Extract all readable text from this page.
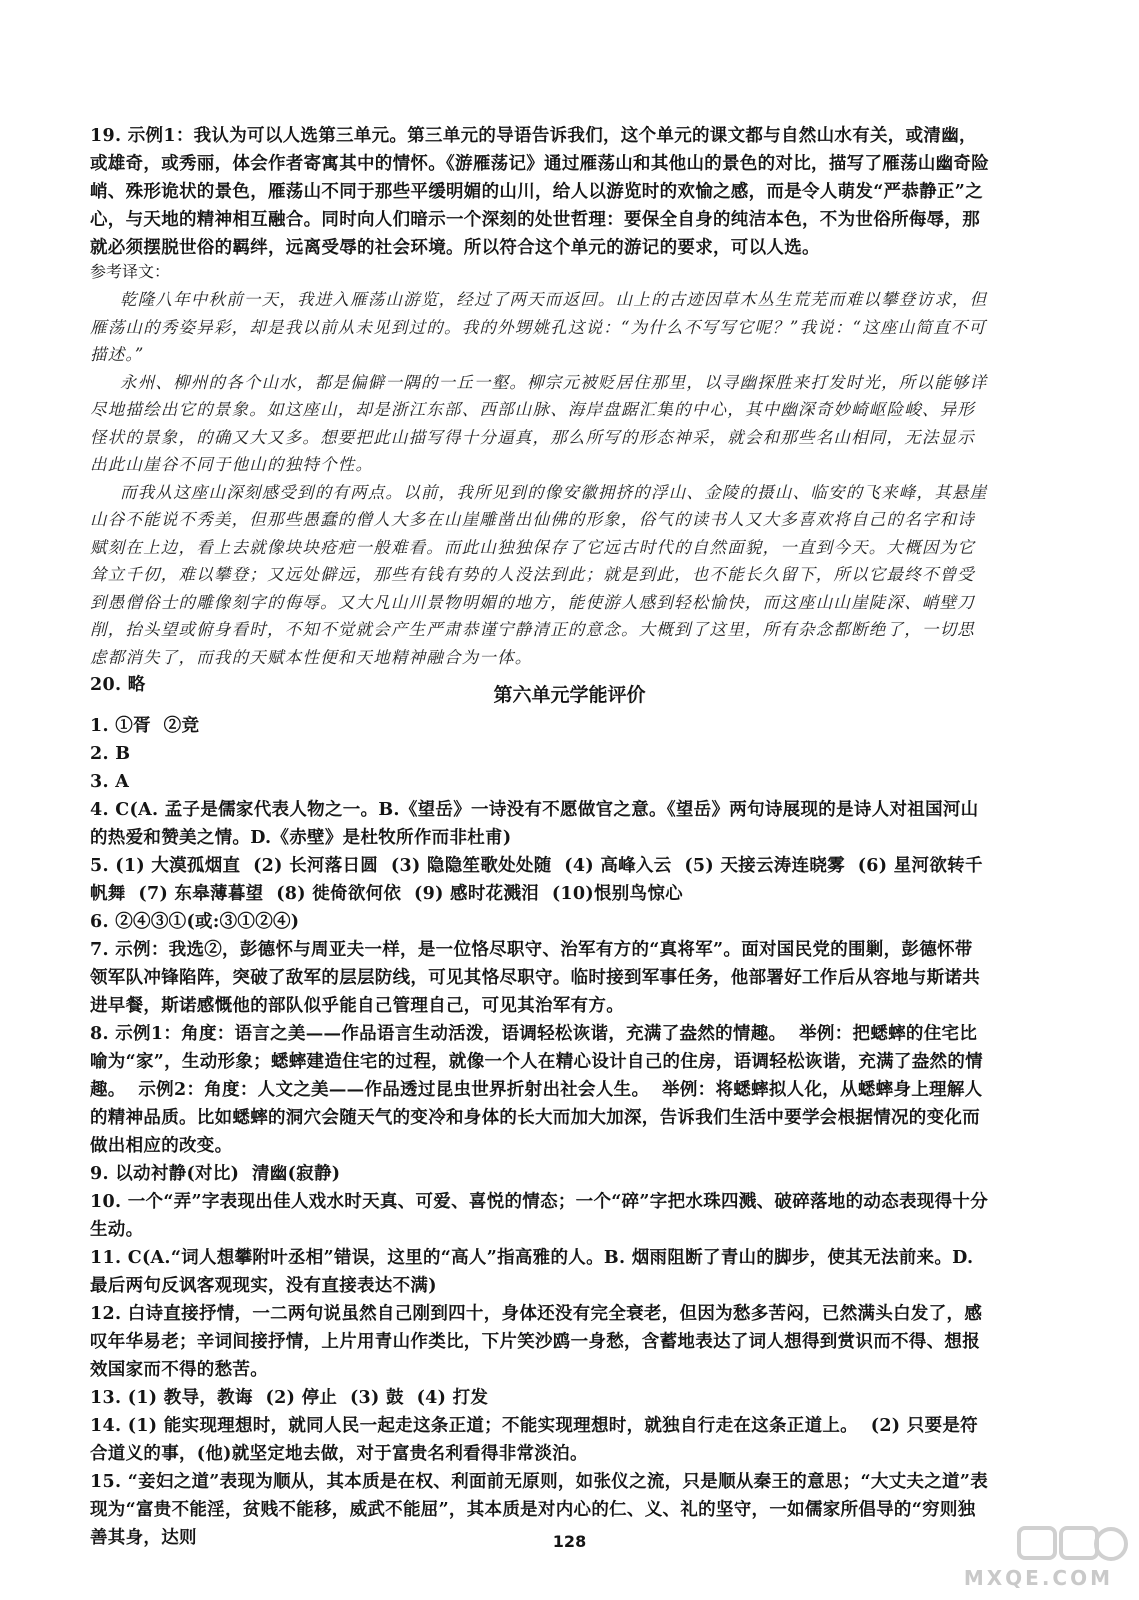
19. 示例1：我认为可以人选第三单元。第三单元的导语告诉我们，这个单元的课文都与自然山水有关，或清幽，或雄奇，或秀丽，体会作者寄寓其中的情怀。《游雁荡记》通过雁荡山和其他山的景色的对比，描写了雁荡山幽奇险峭、殊形诡状的景色，雁荡山不同于那些平缓明媚的山川，给人以游览时的欢愉之感，而是令人萌发“严恭静正”之心，与天地的精神相互融合。同时向人们暗示一个深刻的处世哲理：要保全自身的纯洁本色，不为世俗所侮辱，那就必须摆脱世俗的羁绊，远离受辱的社会环境。所以符合这个单元的游记的要求，可以人选。

参考译文：

乾隆八年中秋前一天，我进入雁荡山游览，经过了两天而返回。山上的古迹因草木丛生荒芜而难以攀登访求，但雁荡山的秀姿异彩，却是我以前从未见到过的。我的外甥姚孔这说：“为什么不写写它呢？”我说：“这座山简直不可描述。”

永州、柳州的各个山水，都是偏僻一隅的一丘一壑。柳宗元被贬居住那里，以寻幽探胜来打发时光，所以能够详尽地描绘出它的景象。如这座山，却是浙江东部、西部山脉、海岸盘踞汇集的中心，其中幽深奇妙崎岖险峻、异形怪状的景象，的确又大又多。想要把此山描写得十分逼真，那么所写的形态神采，就会和那些名山相同，无法显示出此山崖谷不同于他山的独特个性。

而我从这座山深刻感受到的有两点。以前，我所见到的像安徽拥挤的浮山、金陵的摄山、临安的飞来峰，其悬崖山谷不能说不秀美，但那些愚蠢的僧人大多在山崖雕凿出仙佛的形象，俗气的读书人又大多喜欢将自己的名字和诗赋刻在上边，看上去就像块块疮疤一般难看。而此山独独保存了它远古时代的自然面貌，一直到今天。大概因为它耸立千仞，难以攀登；又远处僻远，那些有钱有势的人没法到此；就是到此，也不能长久留下，所以它最终不曾受到愚僧俗士的雕像刻字的侮辱。又大凡山川景物明媚的地方，能使游人感到轻松愉快，而这座山山崖陡深、峭壁刀削，抬头望或俯身看时，不知不觉就会产生严肃恭谨宁静清正的意念。大概到了这里，所有杂念都断绝了，一切思虑都消失了，而我的天赋本性便和天地精神融合为一体。

20. 略	第六单元学能评价

1. ①胥  ②竞

2. B

3. A

4. C(A. 孟子是儒家代表人物之一。B.《望岳》一诗没有不愿做官之意。《望岳》两句诗展现的是诗人对祖国河山的热爱和赞美之情。D.《赤壁》是杜牧所作而非杜甫)

5. (1) 大漠孤烟直  (2) 长河落日圆  (3) 隐隐笙歌处处随  (4) 高峰入云  (5) 天接云涛连晓雾  (6) 星河欲转千帆舞  (7) 东皋薄暮望  (8) 徙倚欲何依  (9) 感时花溅泪  (10)恨别鸟惊心

6. ②④③①(或:③①②④)

7. 示例：我选②，彭德怀与周亚夫一样，是一位恪尽职守、治军有方的“真将军”。面对国民党的围剿，彭德怀带领军队冲锋陷阵，突破了敌军的层层防线，可见其恪尽职守。临时接到军事任务，他部署好工作后从容地与斯诺共进早餐，斯诺感慨他的部队似乎能自己管理自己，可见其治军有方。

8. 示例1：角度：语言之美——作品语言生动活泼，语调轻松诙谐，充满了盎然的情趣。  举例：把蟋蟀的住宅比喻为“家”，生动形象；蟋蟀建造住宅的过程，就像一个人在精心设计自己的住房，语调轻松诙谐，充满了盎然的情趣。  示例2：角度：人文之美——作品透过昆虫世界折射出社会人生。  举例：将蟋蟀拟人化，从蟋蟀身上理解人的精神品质。比如蟋蟀的洞穴会随天气的变冷和身体的长大而加大加深，告诉我们生活中要学会根据情况的变化而做出相应的改变。

9. 以动衬静(对比)  清幽(寂静)

10. 一个“弄”字表现出佳人戏水时天真、可爱、喜悦的情态；一个“碎”字把水珠四溅、破碎落地的动态表现得十分生动。

11. C(A.“词人想攀附叶丞相”错误，这里的“高人”指高雅的人。B. 烟雨阻断了青山的脚步，使其无法前来。D. 最后两句反讽客观现实，没有直接表达不满)

12. 白诗直接抒情，一二两句说虽然自己刚到四十，身体还没有完全衰老，但因为愁多苦闷，已然满头白发了，感叹年华易老；辛词间接抒情，上片用青山作类比，下片笑沙鸥一身愁，含蓄地表达了词人想得到赏识而不得、想报效国家而不得的愁苦。

13. (1) 教导，教诲  (2) 停止  (3) 鼓  (4) 打发

14. (1) 能实现理想时，就同人民一起走这条正道；不能实现理想时，就独自行走在这条正道上。  (2) 只要是符合道义的事，(他)就坚定地去做，对于富贵名利看得非常淡泊。

15. “妾妇之道”表现为顺从，其本质是在权、利面前无原则，如张仪之流，只是顺从秦王的意思；“大丈夫之道”表现为“富贵不能淫，贫贱不能移，威武不能屈”，其本质是对内心的仁、义、礼的坚守，一如儒家所倡导的“穷则独善其身，达则	128
MXQE.COM
